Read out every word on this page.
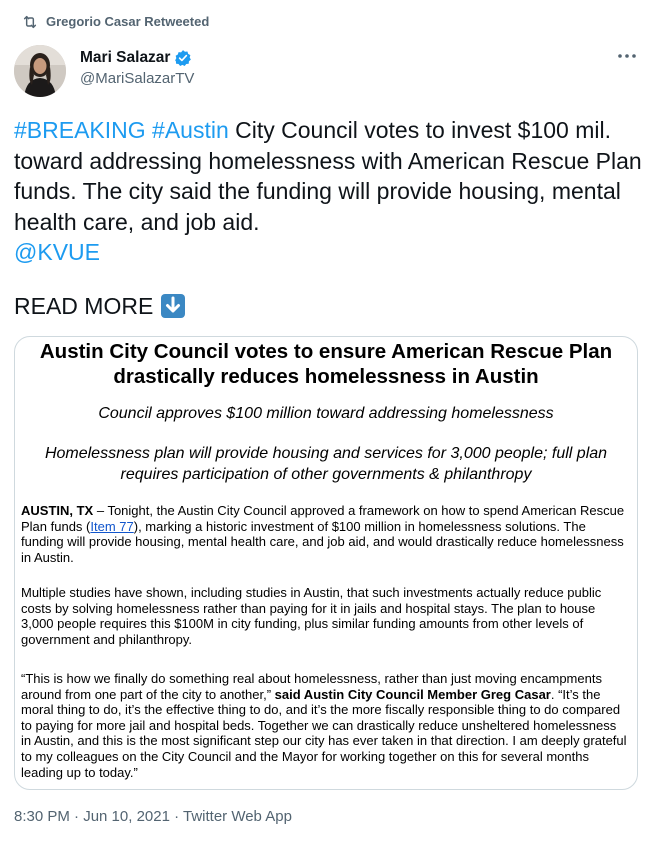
Gregorio Casar Retweeted
Mari Salazar
@MariSalazarTV
#BREAKING #Austin City Council votes to invest $100 mil. toward addressing homelessness with American Rescue Plan funds. The city said the funding will provide housing, mental health care, and job aid.
@KVUE
READ MORE
Austin City Council votes to ensure American Rescue Plan drastically reduces homelessness in Austin
Council approves $100 million toward addressing homelessness
Homelessness plan will provide housing and services for 3,000 people; full plan requires participation of other governments & philanthropy
AUSTIN, TX – Tonight, the Austin City Council approved a framework on how to spend American Rescue Plan funds (Item 77), marking a historic investment of $100 million in homelessness solutions. The funding will provide housing, mental health care, and job aid, and would drastically reduce homelessness in Austin.
Multiple studies have shown, including studies in Austin, that such investments actually reduce public costs by solving homelessness rather than paying for it in jails and hospital stays. The plan to house 3,000 people requires this $100M in city funding, plus similar funding amounts from other levels of government and philanthropy.
“This is how we finally do something real about homelessness, rather than just moving encampments around from one part of the city to another,” said Austin City Council Member Greg Casar. “It’s the moral thing to do, it’s the effective thing to do, and it’s the more fiscally responsible thing to do compared to paying for more jail and hospital beds. Together we can drastically reduce unsheltered homelessness in Austin, and this is the most significant step our city has ever taken in that direction. I am deeply grateful to my colleagues on the City Council and the Mayor for working together on this for several months leading up to today.”
8:30 PM · Jun 10, 2021 · Twitter Web App
